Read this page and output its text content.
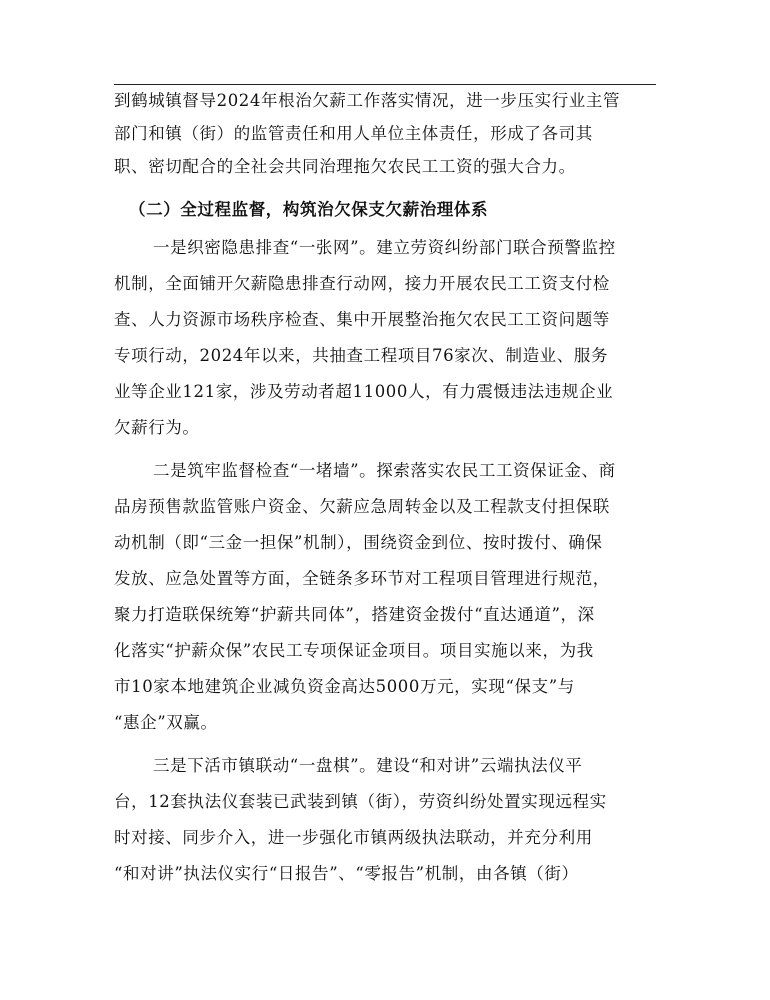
到鹤城镇督导2024年根治欠薪工作落实情况，进一步压实行业主管
部门和镇（街）的监管责任和用人单位主体责任，形成了各司其
职、密切配合的全社会共同治理拖欠农民工工资的强大合力。
（二）全过程监督，构筑治欠保支欠薪治理体系
一是织密隐患排查“一张网”。建立劳资纠纷部门联合预警监控
机制，全面铺开欠薪隐患排查行动网，接力开展农民工工资支付检
查、人力资源市场秩序检查、集中开展整治拖欠农民工工资问题等
专项行动，2024年以来，共抽查工程项目76家次、制造业、服务
业等企业121家，涉及劳动者超11000人，有力震慑违法违规企业
欠薪行为。
二是筑牢监督检查“一堵墙”。探索落实农民工工资保证金、商
品房预售款监管账户资金、欠薪应急周转金以及工程款支付担保联
动机制（即“三金一担保”机制），围绕资金到位、按时拨付、确保
发放、应急处置等方面，全链条多环节对工程项目管理进行规范，
聚力打造联保统筹“护薪共同体”，搭建资金拨付“直达通道”，深
化落实“护薪众保”农民工专项保证金项目。项目实施以来，为我
市10家本地建筑企业减负资金高达5000万元，实现“保支”与
“惠企”双赢。
三是下活市镇联动“一盘棋”。建设“和对讲”云端执法仪平
台，12套执法仪套装已武装到镇（街），劳资纠纷处置实现远程实
时对接、同步介入，进一步强化市镇两级执法联动，并充分利用
“和对讲”执法仪实行“日报告”、“零报告”机制，由各镇（街）
